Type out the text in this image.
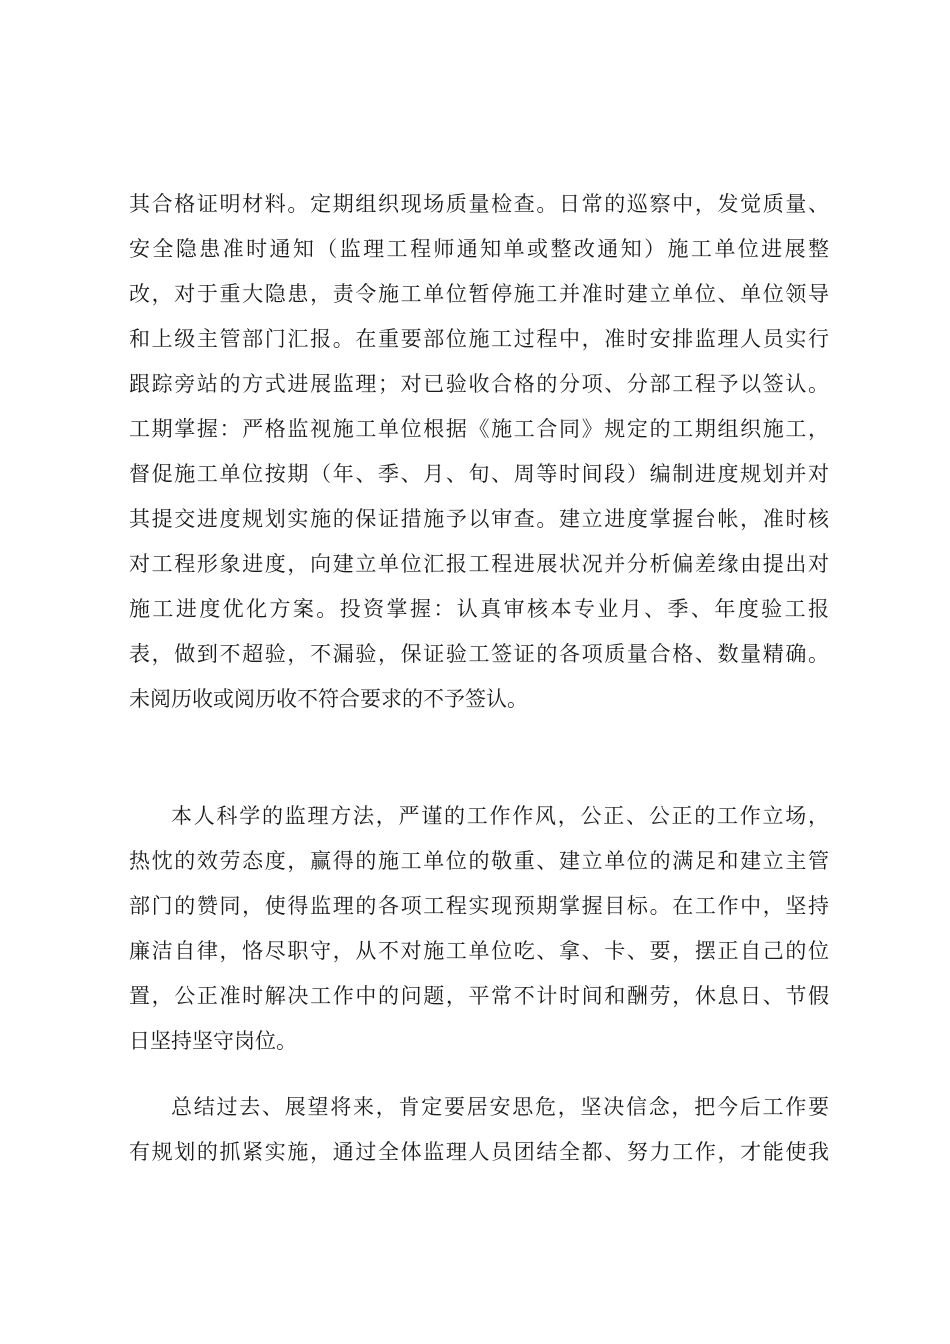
其合格证明材料。定期组织现场质量检查。日常的巡察中，发觉质量、
安全隐患准时通知（监理工程师通知单或整改通知）施工单位进展整
改，对于重大隐患，责令施工单位暂停施工并准时建立单位、单位领导
和上级主管部门汇报。在重要部位施工过程中，准时安排监理人员实行
跟踪旁站的方式进展监理；对已验收合格的分项、分部工程予以签认。
工期掌握：严格监视施工单位根据《施工合同》规定的工期组织施工，
督促施工单位按期（年、季、月、旬、周等时间段）编制进度规划并对
其提交进度规划实施的保证措施予以审查。建立进度掌握台帐，准时核
对工程形象进度，向建立单位汇报工程进展状况并分析偏差缘由提出对
施工进度优化方案。投资掌握：认真审核本专业月、季、年度验工报
表，做到不超验，不漏验，保证验工签证的各项质量合格、数量精确。
未阅历收或阅历收不符合要求的不予签认。
本人科学的监理方法，严谨的工作作风，公正、公正的工作立场，
热忱的效劳态度，赢得的施工单位的敬重、建立单位的满足和建立主管
部门的赞同，使得监理的各项工程实现预期掌握目标。在工作中，坚持
廉洁自律，恪尽职守，从不对施工单位吃、拿、卡、要，摆正自己的位
置，公正准时解决工作中的问题，平常不计时间和酬劳，休息日、节假
日坚持坚守岗位。
总结过去、展望将来，肯定要居安思危，坚决信念，把今后工作要
有规划的抓紧实施，通过全体监理人员团结全都、努力工作，才能使我
